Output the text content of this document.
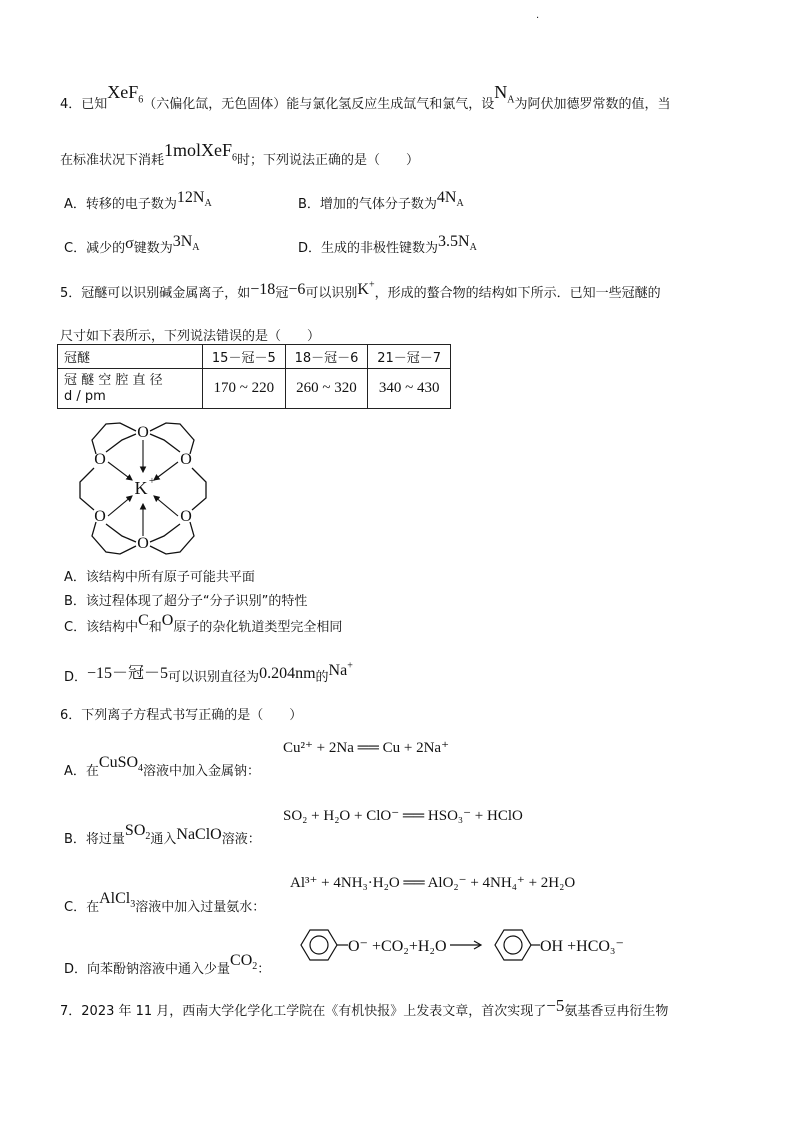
.
4．已知XeF$_6$（六偏化氙，无色固体）能与氯化氢反应生成氙气和氯气，设$N_A$为阿伏加德罗常数的值，当
在标准状况下消耗1molXeF$_6$时；下列说法正确的是（　　）
A．转移的电子数为$12N_A$	B．增加的气体分子数为$4N_A$
C．减少的σ键数为$3N_A$	D．生成的非极性键数为$3.5N_A$
5．冠醚可以识别碱金属离子，如−18冠−6可以识别K+，形成的螯合物的结构如下所示．已知一些冠醚的
尺寸如下表所示，下列说法错误的是（　　）
冠醚	15－冠－5	18－冠－6	21－冠－7

冠 醚 空 腔 直 径
d / pm	170 ~ 220	260 ~ 320	340 ~ 430
O
O	O
O	O
O
K +
A．该结构中所有原子可能共平面
B．该过程体现了超分子“分子识别”的特性
C．该结构中C和O原子的杂化轨道类型完全相同
D．−15－冠－5可以识别直径为0.204nm的Na+
6．下列离子方程式书写正确的是（　　）
Cu²⁺ + 2Na ══ Cu + 2Na⁺
A．在CuSO$_4$溶液中加入金属钠：
SO₂ + H₂O + ClO⁻ ══ HSO₃⁻ + HClO
B．将过量$SO_2$通入NaClO溶液：
Al³⁺ + 4NH₃·H₂O ══ AlO₂⁻ + 4NH₄⁺ + 2H₂O
C．在AlCl$_3$溶液中加入过量氨水：
D．向苯酚钠溶液中通入少量$CO_2$：
O⁻ +CO₂+H₂O	OH +HCO₃⁻
7．2023 年 11 月，西南大学化学化工学院在《有机快报》上发表文章，首次实现了−5氨基香豆冉衍生物
